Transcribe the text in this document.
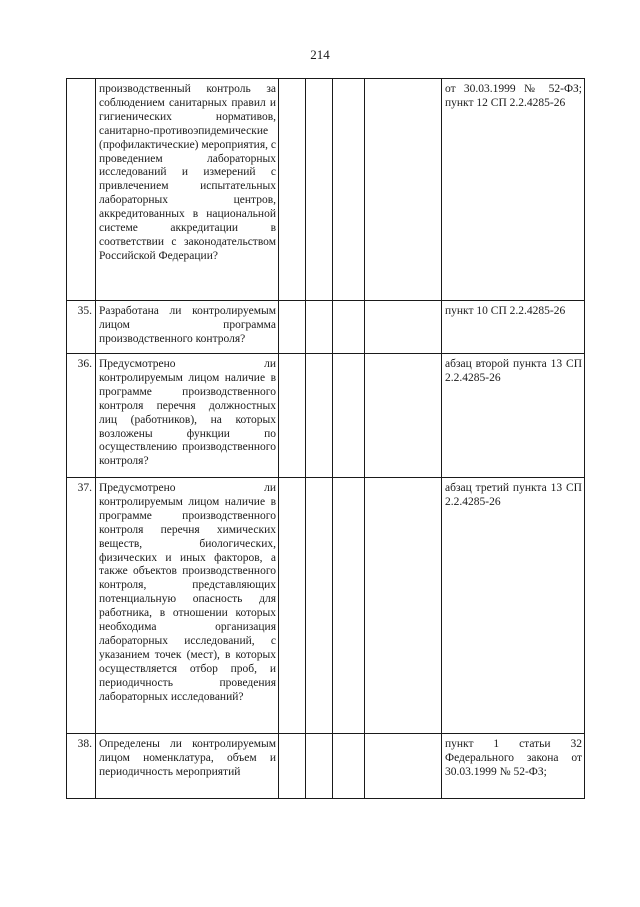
214
	производственный контроль за соблюдением санитарных правил и гигиенических нормативов, санитарно-противоэпидемические (профилактические) мероприятия, с проведением лабораторных исследований и измерений с привлечением испытательных лабораторных центров, аккредитованных в национальной системе аккредитации в соответствии с законодательством Российской Федерации?					от 30.03.1999 № 52-ФЗ; пункт 12 СП 2.2.4285-26
35.	Разработана ли контролируемым лицом программа производственного контроля?					пункт 10 СП 2.2.4285-26
36.	Предусмотрено ли контролируемым лицом наличие в программе производственного контроля перечня должностных лиц (работников), на которых возложены функции по осуществлению производственного контроля?					абзац второй пункта 13 СП 2.2.4285-26
37.	Предусмотрено ли контролируемым лицом наличие в программе производственного контроля перечня химических веществ, биологических, физических и иных факторов, а также объектов производственного контроля, представляющих потенциальную опасность для работника, в отношении которых необходима организация лабораторных исследований, с указанием точек (мест), в которых осуществляется отбор проб, и периодичность проведения лабораторных исследований?					абзац третий пункта 13 СП 2.2.4285-26
38.	Определены ли контролируемым лицом номенклатура, объем и периодичность мероприятий					пункт 1 статьи 32 Федерального закона от 30.03.1999 № 52-ФЗ;
